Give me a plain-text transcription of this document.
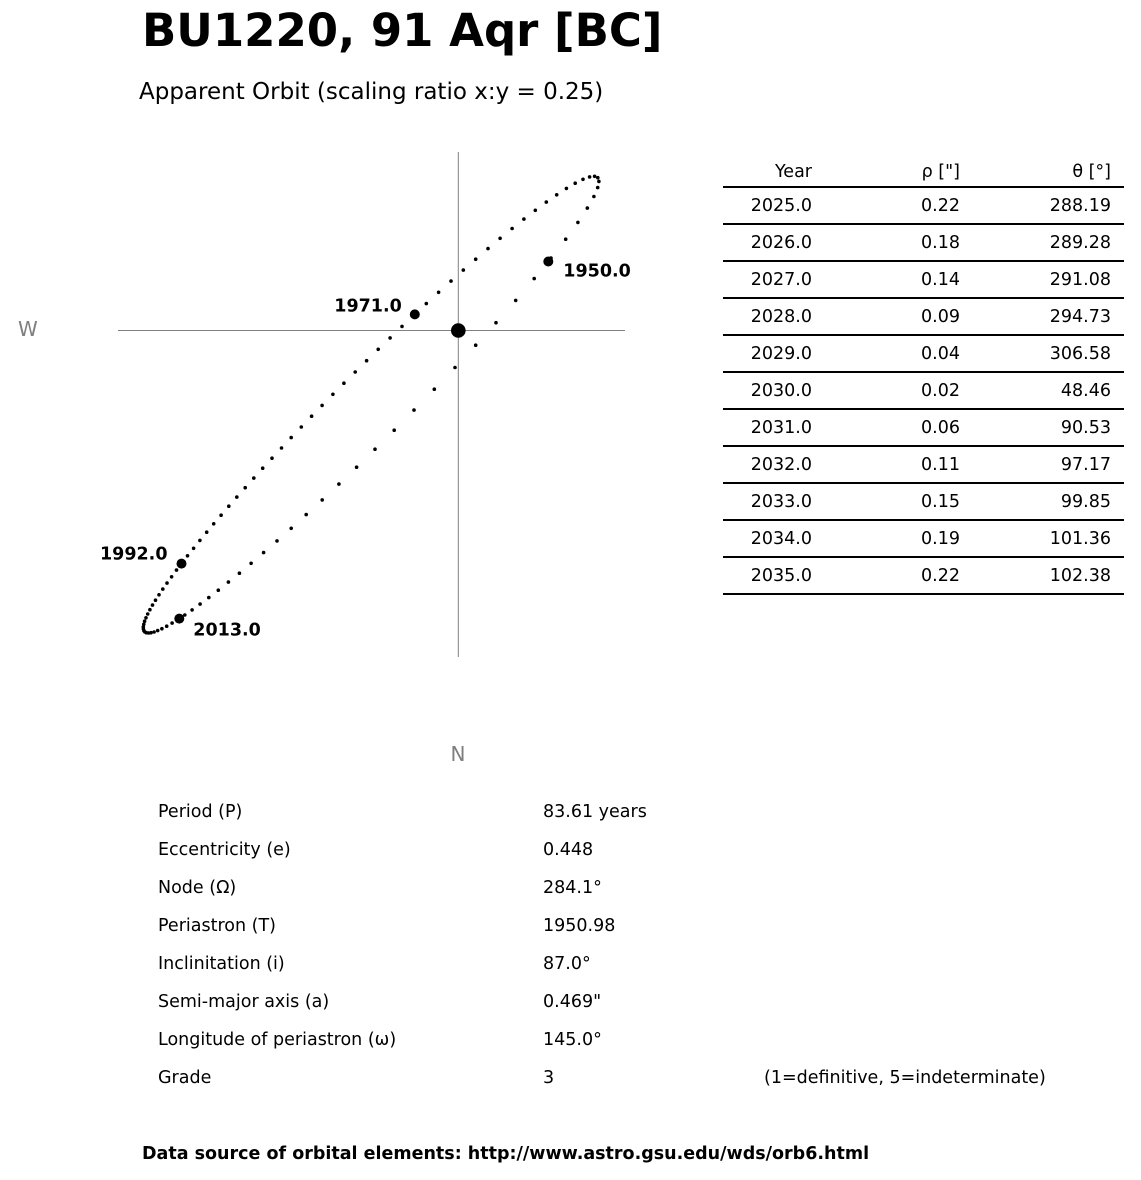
BU1220, 91 Aqr [BC]
Apparent Orbit (scaling ratio x:y = 0.25)
W
N
1950.0
1971.0
1992.0
2013.0
Year	ρ ["]	θ [°]
2025.0	0.22	288.19
2026.0	0.18	289.28
2027.0	0.14	291.08
2028.0	0.09	294.73
2029.0	0.04	306.58
2030.0	0.02	48.46
2031.0	0.06	90.53
2032.0	0.11	97.17
2033.0	0.15	99.85
2034.0	0.19	101.36
2035.0	0.22	102.38
Period (P)	83.61 years
Eccentricity (e)	0.448
Node (Ω)	284.1°
Periastron (T)	1950.98
Inclinitation (i)	87.0°
Semi-major axis (a)	0.469"
Longitude of periastron (ω)	145.0°
Grade	3	(1=definitive, 5=indeterminate)
Data source of orbital elements: http://www.astro.gsu.edu/wds/orb6.html
